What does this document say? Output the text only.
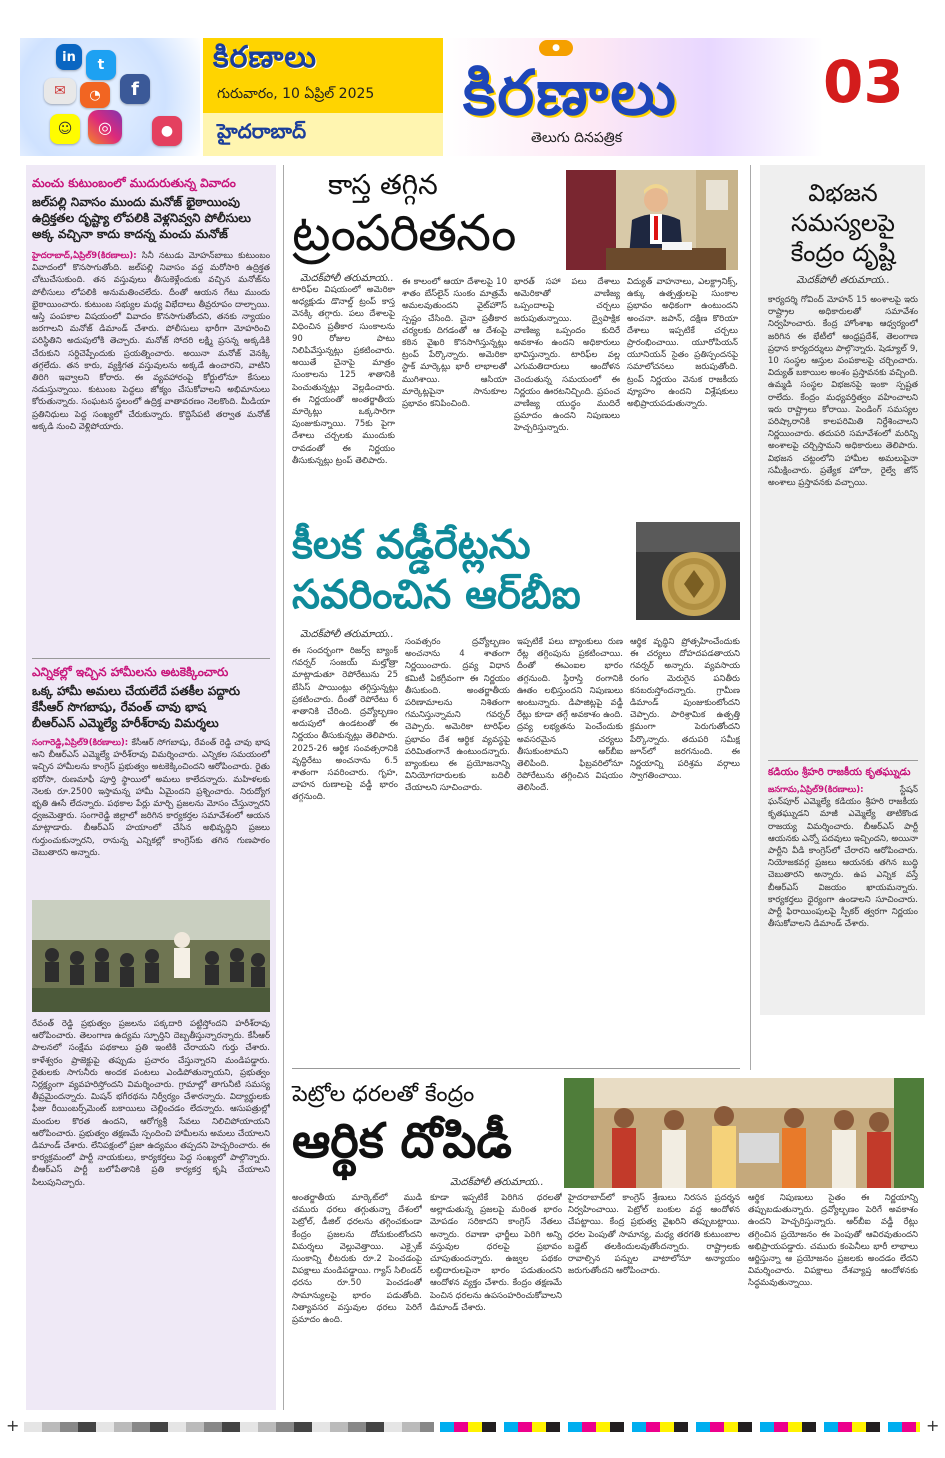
in	t
f
◎
✉
☺
◔
●
కిరణాలు
గురువారం, 10 ఏప్రిల్ 2025
హైదరాబాద్
●
కిరణాలు
తెలుగు దినపత్రిక
03
మంచు కుటుంబంలో ముదురుతున్న వివాదం
జల్‌పల్లి నివాసం ముందు మనోజ్ భైఠాయింపు
ఉద్రిక్తతల దృష్ట్యా లోపలికి వెళ్లనివ్వని పోలీసులు
అక్క వచ్చినా కాదు కాదన్న మంచు మనోజ్
హైదరాబాద్,ఏప్రిల్9(కిరణాలు): సినీ నటుడు మోహన్‌బాబు కుటుంబం వివాదంలో కొనసాగుతోంది. జల్‌పల్లి నివాసం వద్ద మరోసారి ఉద్రిక్తత చోటుచేసుకుంది. తన వస్తువులు తీసుకెళ్లేందుకు వచ్చిన మనోజ్‌ను పోలీసులు లోపలికి అనుమతించలేదు. దీంతో ఆయన గేటు ముందు భైఠాయించారు. కుటుంబ సభ్యుల మధ్య విభేదాలు తీవ్రరూపం దాల్చాయి. ఆస్తి పంపకాల విషయంలో వివాదం కొనసాగుతోందని, తనకు న్యాయం జరగాలని మనోజ్ డిమాండ్ చేశారు. పోలీసులు భారీగా మోహరించి పరిస్థితిని అదుపులోకి తెచ్చారు. మనోజ్ సోదరి లక్ష్మి ప్రసన్న అక్కడికి చేరుకుని సర్దిచెప్పేందుకు ప్రయత్నించారు. అయినా మనోజ్ వెనక్కి తగ్గలేదు. తన కారు, వ్యక్తిగత వస్తువులను అక్కడే ఉంచారని, వాటిని తిరిగి ఇవ్వాలని కోరారు. ఈ వ్యవహారంపై కోర్టులోనూ కేసులు నడుస్తున్నాయి. కుటుంబ పెద్దలు జోక్యం చేసుకోవాలని అభిమానులు కోరుతున్నారు. సంఘటన స్థలంలో ఉద్రిక్త వాతావరణం నెలకొంది. మీడియా ప్రతినిధులు పెద్ద సంఖ్యలో చేరుకున్నారు. కొద్దిసేపటి తర్వాత మనోజ్ అక్కడి నుంచి వెళ్లిపోయారు.
ఎన్నికల్లో ఇచ్చిన హామీలను అటకెక్కించారు
ఒక్క హామీ అమలు చేయలేదే పతకీల పద్దారు
కేసీఆర్ సొగబాషు, రేవంత్ చావు భాష
బీఆర్ఎస్ ఎమ్మెల్యే హరీశ్‌రావు విమర్శలు
సంగారెడ్డి,ఏప్రిల్9(కిరణాలు): కేసీఆర్ సోగబాషు, రేవంత్ రెడ్డి చావు భాష అని బీఆర్ఎస్ ఎమ్మెల్యే హరీశ్‌రావు విమర్శించారు. ఎన్నికల సమయంలో ఇచ్చిన హామీలను కాంగ్రెస్ ప్రభుత్వం అటకెక్కించిందని ఆరోపించారు. రైతు భరోసా, రుణమాఫీ పూర్తి స్థాయిలో అమలు కాలేదన్నారు. మహిళలకు నెలకు రూ.2500 ఇస్తామన్న హామీ ఏమైందని ప్రశ్నించారు. నిరుద్యోగ భృతి ఊసే లేదన్నారు. పథకాల పేర్లు మార్చి ప్రజలను మోసం చేస్తున్నారని ధ్వజమెత్తారు. సంగారెడ్డి జిల్లాలో జరిగిన కార్యకర్తల సమావేశంలో ఆయన మాట్లాడారు. బీఆర్ఎస్ హయాంలో చేసిన అభివృద్ధిని ప్రజలు గుర్తుంచుకున్నారని, రానున్న ఎన్నికల్లో కాంగ్రెస్‌కు తగిన గుణపాఠం చెబుతారని అన్నారు.
రేవంత్ రెడ్డి ప్రభుత్వం ప్రజలను పక్కదారి పట్టిస్తోందని హరీశ్‌రావు ఆరోపించారు. తెలంగాణ ఉద్యమ స్ఫూర్తిని దెబ్బతీస్తున్నారన్నారు. కేసీఆర్ పాలనలో సంక్షేమ పథకాలు ప్రతి ఇంటికి చేరాయని గుర్తు చేశారు. కాళేశ్వరం ప్రాజెక్టుపై తప్పుడు ప్రచారం చేస్తున్నారని మండిపడ్డారు. రైతులకు సాగునీరు అందక పంటలు ఎండిపోతున్నాయని, ప్రభుత్వం నిర్లక్ష్యంగా వ్యవహరిస్తోందని విమర్శించారు. గ్రామాల్లో తాగునీటి సమస్య తీవ్రమైందన్నారు. మిషన్ భగీరథను నిర్వీర్యం చేశారన్నారు. విద్యార్థులకు ఫీజు రీయింబర్స్‌మెంట్ బకాయిలు చెల్లించడం లేదన్నారు. ఆసుపత్రుల్లో మందుల కొరత ఉందని, ఆరోగ్యశ్రీ సేవలు నిలిచిపోయాయని ఆరోపించారు. ప్రభుత్వం తక్షణమే స్పందించి హామీలను అమలు చేయాలని డిమాండ్ చేశారు. లేనిపక్షంలో ప్రజా ఉద్యమం తప్పదని హెచ్చరించారు. ఈ కార్యక్రమంలో పార్టీ నాయకులు, కార్యకర్తలు పెద్ద సంఖ్యలో పాల్గొన్నారు. బీఆర్ఎస్ పార్టీ బలోపేతానికి ప్రతి కార్యకర్త కృషి చేయాలని పిలుపునిచ్చారు.
కాస్త తగ్గిన
ట్రంపరితనం
మెదక్‌పోలీ తరుమాయ..
టారిఫ్‌ల విషయంలో అమెరికా అధ్యక్షుడు డొనాల్డ్ ట్రంప్ కాస్త వెనక్కి తగ్గారు. పలు దేశాలపై విధించిన ప్రతీకార సుంకాలను 90 రోజుల పాటు నిలిపివేస్తున్నట్లు ప్రకటించారు. అయితే చైనాపై మాత్రం సుంకాలను 125 శాతానికి పెంచుతున్నట్లు వెల్లడించారు. ఈ నిర్ణయంతో అంతర్జాతీయ మార్కెట్లు ఒక్కసారిగా పుంజుకున్నాయి. 75కు పైగా దేశాలు చర్చలకు ముందుకు రావడంతో ఈ నిర్ణయం తీసుకున్నట్లు ట్రంప్ తెలిపారు.
ఈ కాలంలో ఆయా దేశాలపై 10 శాతం బేస్‌లైన్ సుంకం మాత్రమే అమలవుతుందని వైట్‌హౌస్ స్పష్టం చేసింది. చైనా ప్రతీకార చర్యలకు దిగడంతో ఆ దేశంపై కఠిన వైఖరి కొనసాగిస్తున్నట్లు ట్రంప్ పేర్కొన్నారు. అమెరికా స్టాక్ మార్కెట్లు భారీ లాభాలతో ముగిశాయి. ఆసియా మార్కెట్లపైనా సానుకూల ప్రభావం కనిపించింది.
భారత్ సహా పలు దేశాలు అమెరికాతో వాణిజ్య ఒప్పందాలపై చర్చలు జరుపుతున్నాయి. ద్వైపాక్షిక వాణిజ్య ఒప్పందం కుదిరే అవకాశం ఉందని అధికారులు భావిస్తున్నారు. టారిఫ్‌ల వల్ల ఎగుమతిదారులు ఆందోళన చెందుతున్న సమయంలో ఈ నిర్ణయం ఊరటనిచ్చింది. ప్రపంచ వాణిజ్య యుద్ధం ముదిరే ప్రమాదం ఉందని నిపుణులు హెచ్చరిస్తున్నారు.
విద్యుత్ వాహనాలు, ఎలక్ట్రానిక్స్, ఉక్కు ఉత్పత్తులపై సుంకాల ప్రభావం అధికంగా ఉంటుందని అంచనా. జపాన్, దక్షిణ కొరియా దేశాలు ఇప్పటికే చర్చలు ప్రారంభించాయి. యూరోపియన్ యూనియన్ సైతం ప్రతిస్పందనపై సమాలోచనలు జరుపుతోంది. ట్రంప్ నిర్ణయం వెనుక రాజకీయ వ్యూహం ఉందని విశ్లేషకులు అభిప్రాయపడుతున్నారు.
కీలక వడ్డీరేట్లను
సవరించిన ఆర్‌బీఐ
మెదక్‌పోలీ తరుమాయ..
ఈ సందర్భంగా రిజర్వ్ బ్యాంక్ గవర్నర్ సంజయ్ మల్హోత్రా మాట్లాడుతూ రెపోరేటును 25 బేసిస్ పాయింట్లు తగ్గిస్తున్నట్లు ప్రకటించారు. దీంతో రెపోరేటు 6 శాతానికి చేరింది. ద్రవ్యోల్బణం అదుపులో ఉండటంతో ఈ నిర్ణయం తీసుకున్నట్లు తెలిపారు. 2025-26 ఆర్థిక సంవత్సరానికి వృద్ధిరేటు అంచనాను 6.5 శాతంగా సవరించారు. గృహ, వాహన రుణాలపై వడ్డీ భారం తగ్గనుంది.
సంవత్సరం ద్రవ్యోల్బణం అంచనాను 4 శాతంగా నిర్ణయించారు. ద్రవ్య విధాన కమిటీ ఏకగ్రీవంగా ఈ నిర్ణయం తీసుకుంది. అంతర్జాతీయ పరిణామాలను నిశితంగా గమనిస్తున్నామని గవర్నర్ చెప్పారు. అమెరికా టారిఫ్‌ల ప్రభావం దేశ ఆర్థిక వ్యవస్థపై పరిమితంగానే ఉంటుందన్నారు. బ్యాంకులు ఈ ప్రయోజనాన్ని వినియోగదారులకు బదిలీ చేయాలని సూచించారు.
ఇప్పటికే పలు బ్యాంకులు రుణ రేట్ల తగ్గింపును ప్రకటించాయి. దీంతో ఈఎంఐల భారం తగ్గనుంది. స్థిరాస్తి రంగానికి ఊతం లభిస్తుందని నిపుణులు అంటున్నారు. డిపాజిట్లపై వడ్డీ రేట్లు కూడా తగ్గే అవకాశం ఉంది. ద్రవ్య లభ్యతను పెంచేందుకు అవసరమైన చర్యలు తీసుకుంటామని ఆర్‌బీఐ తెలిపింది. ఫిబ్రవరిలోనూ రెపోరేటును తగ్గించిన విషయం తెలిసిందే.
ఆర్థిక వృద్ధిని ప్రోత్సహించేందుకు ఈ చర్యలు దోహదపడతాయని గవర్నర్ అన్నారు. వ్యవసాయ రంగం మెరుగైన పనితీరు కనబరుస్తోందన్నారు. గ్రామీణ డిమాండ్ పుంజుకుంటోందని చెప్పారు. పారిశ్రామిక ఉత్పత్తి క్రమంగా పెరుగుతోందని పేర్కొన్నారు. తదుపరి సమీక్ష జూన్‌లో జరగనుంది. ఈ నిర్ణయాన్ని పరిశ్రమ వర్గాలు స్వాగతించాయి.
విభజన
సమస్యలపై
కేంద్రం దృష్టి
మెదక్‌పోలీ తరుమాయ..
కార్యదర్శి గోవింద్ మోహన్ 15 అంశాలపై ఇరు రాష్ట్రాల అధికారులతో సమావేశం నిర్వహించారు. కేంద్ర హోంశాఖ ఆధ్వర్యంలో జరిగిన ఈ భేటీలో ఆంధ్రప్రదేశ్, తెలంగాణ ప్రధాన కార్యదర్శులు పాల్గొన్నారు. షెడ్యూల్ 9, 10 సంస్థల ఆస్తుల పంపకాలపై చర్చించారు. విద్యుత్ బకాయిల అంశం ప్రస్తావనకు వచ్చింది. ఉమ్మడి సంస్థల విభజనపై ఇంకా స్పష్టత రాలేదు. కేంద్రం మధ్యవర్తిత్వం వహించాలని ఇరు రాష్ట్రాలు కోరాయి. పెండింగ్ సమస్యల పరిష్కారానికి కాలపరిమితి నిర్దేశించాలని నిర్ణయించారు. తదుపరి సమావేశంలో మరిన్ని అంశాలపై చర్చిస్తామని అధికారులు తెలిపారు. విభజన చట్టంలోని హామీల అమలుపైనా సమీక్షించారు. ప్రత్యేక హోదా, రైల్వే జోన్ అంశాలు ప్రస్తావనకు వచ్చాయి.
కడియం శ్రీహరి రాజకీయ కృతఘ్నుడు
జనగామ,ఏప్రిల్9(కిరణాలు):	స్టేషన్ ఘన్‌పూర్ ఎమ్మెల్యే కడియం శ్రీహరి రాజకీయ కృతఘ్నుడని మాజీ ఎమ్మెల్యే తాటికొండ రాజయ్య విమర్శించారు. బీఆర్ఎస్ పార్టీ ఆయనకు ఎన్నో పదవులు ఇచ్చిందని, అయినా పార్టీని వీడి కాంగ్రెస్‌లో చేరారని ఆరోపించారు. నియోజకవర్గ ప్రజలు ఆయనకు తగిన బుద్ధి చెబుతారని అన్నారు. ఉప ఎన్నిక వస్తే బీఆర్ఎస్ విజయం ఖాయమన్నారు. కార్యకర్తలు ధైర్యంగా ఉండాలని సూచించారు. పార్టీ ఫిరాయింపులపై స్పీకర్ త్వరగా నిర్ణయం తీసుకోవాలని డిమాండ్ చేశారు.
పెట్రోల ధరలతో కేంద్రం
ఆర్థిక దోపిడీ
మెదక్‌పోలీ తరుమాయ..
అంతర్జాతీయ మార్కెట్‌లో ముడి చమురు ధరలు తగ్గుతున్నా దేశంలో పెట్రోల్, డీజిల్ ధరలను తగ్గించకుండా కేంద్రం ప్రజలను దోచుకుంటోందని విమర్శలు వెల్లువెత్తాయి. ఎక్సైజ్ సుంకాన్ని లీటరుకు రూ.2 పెంచడంపై విపక్షాలు మండిపడ్డాయి. గ్యాస్ సిలిండర్ ధరను రూ.50 పెంచడంతో సామాన్యులపై భారం పడుతోంది. నిత్యావసర వస్తువుల ధరలు పెరిగే ప్రమాదం ఉంది.
కూడా ఇప్పటికే పెరిగిన ధరలతో అల్లాడుతున్న ప్రజలపై మరింత భారం మోపడం సరికాదని కాంగ్రెస్ నేతలు అన్నారు. రవాణా ఛార్జీలు పెరిగి అన్ని వస్తువుల ధరలపై ప్రభావం చూపుతుందన్నారు. ఉజ్వల పథకం లబ్ధిదారులపైనా భారం పడుతుందని ఆందోళన వ్యక్తం చేశారు. కేంద్రం తక్షణమే పెంచిన ధరలను ఉపసంహరించుకోవాలని డిమాండ్ చేశారు.
హైదరాబాద్‌లో కాంగ్రెస్ శ్రేణులు నిరసన ప్రదర్శన నిర్వహించాయి. పెట్రోల్ బంకుల వద్ద ఆందోళన చేపట్టాయి. కేంద్ర ప్రభుత్వ వైఖరిని తప్పుబట్టాయి. ధరల పెంపుతో సామాన్య, మధ్య తరగతి కుటుంబాల బడ్జెట్ తలకిందులవుతోందన్నారు. రాష్ట్రాలకు రావాల్సిన పన్నుల వాటాలోనూ అన్యాయం జరుగుతోందని ఆరోపించారు.
ఆర్థిక నిపుణులు సైతం ఈ నిర్ణయాన్ని తప్పుబడుతున్నారు. ద్రవ్యోల్బణం పెరిగే అవకాశం ఉందని హెచ్చరిస్తున్నారు. ఆర్‌బీఐ వడ్డీ రేట్లు తగ్గించిన ప్రయోజనం ఈ పెంపుతో ఆవిరవుతుందని అభిప్రాయపడ్డారు. చమురు కంపెనీలు భారీ లాభాలు ఆర్జిస్తున్నా ఆ ప్రయోజనం ప్రజలకు అందడం లేదని విమర్శించారు. విపక్షాలు దేశవ్యాప్త ఆందోళనకు సిద్ధమవుతున్నాయి.
+	+
